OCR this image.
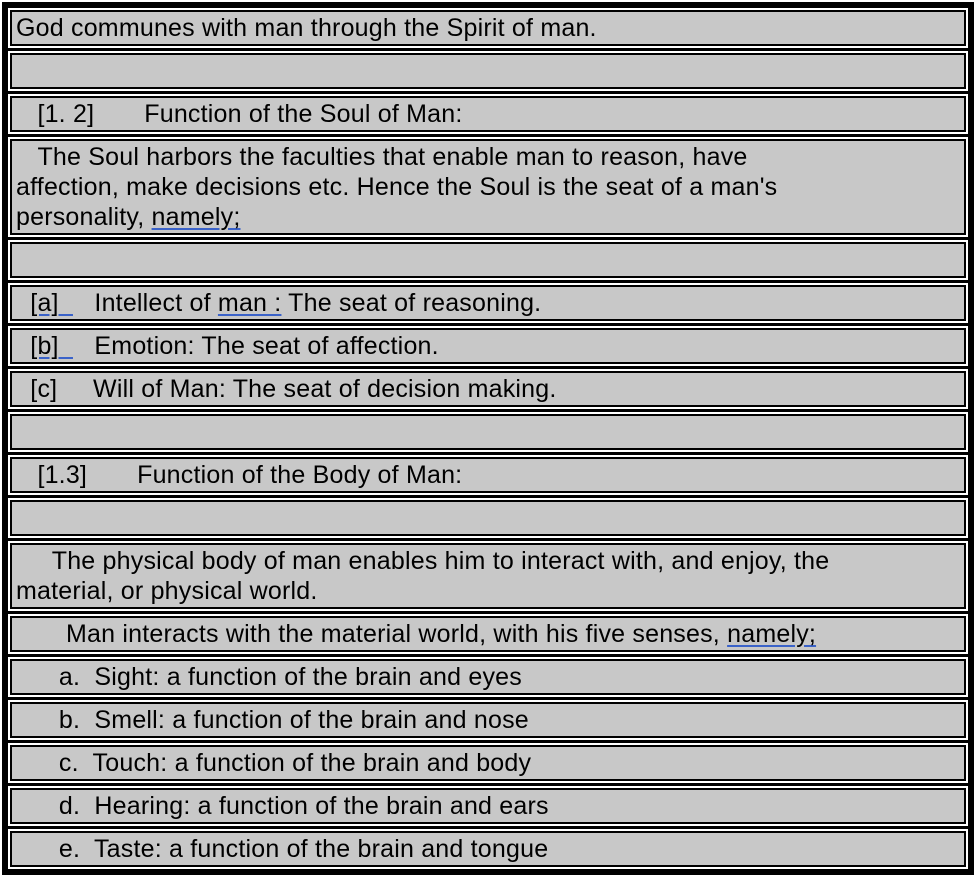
God communes with man through the Spirit of man.
[1. 2]       Function of the Soul of Man:
The Soul harbors the faculties that enable man to reason, have
affection, make decisions etc. Hence the Soul is the seat of a man's
personality, namely;
[a]     Intellect of man : The seat of reasoning.
[b]     Emotion: The seat of affection.
[c]     Will of Man: The seat of decision making.
[1.3]       Function of the Body of Man:
The physical body of man enables him to interact with, and enjoy, the
material, or physical world.
Man interacts with the material world, with his five senses, namely;
a.  Sight: a function of the brain and eyes
b.  Smell: a function of the brain and nose
c.  Touch: a function of the brain and body
d.  Hearing: a function of the brain and ears
e.  Taste: a function of the brain and tongue
